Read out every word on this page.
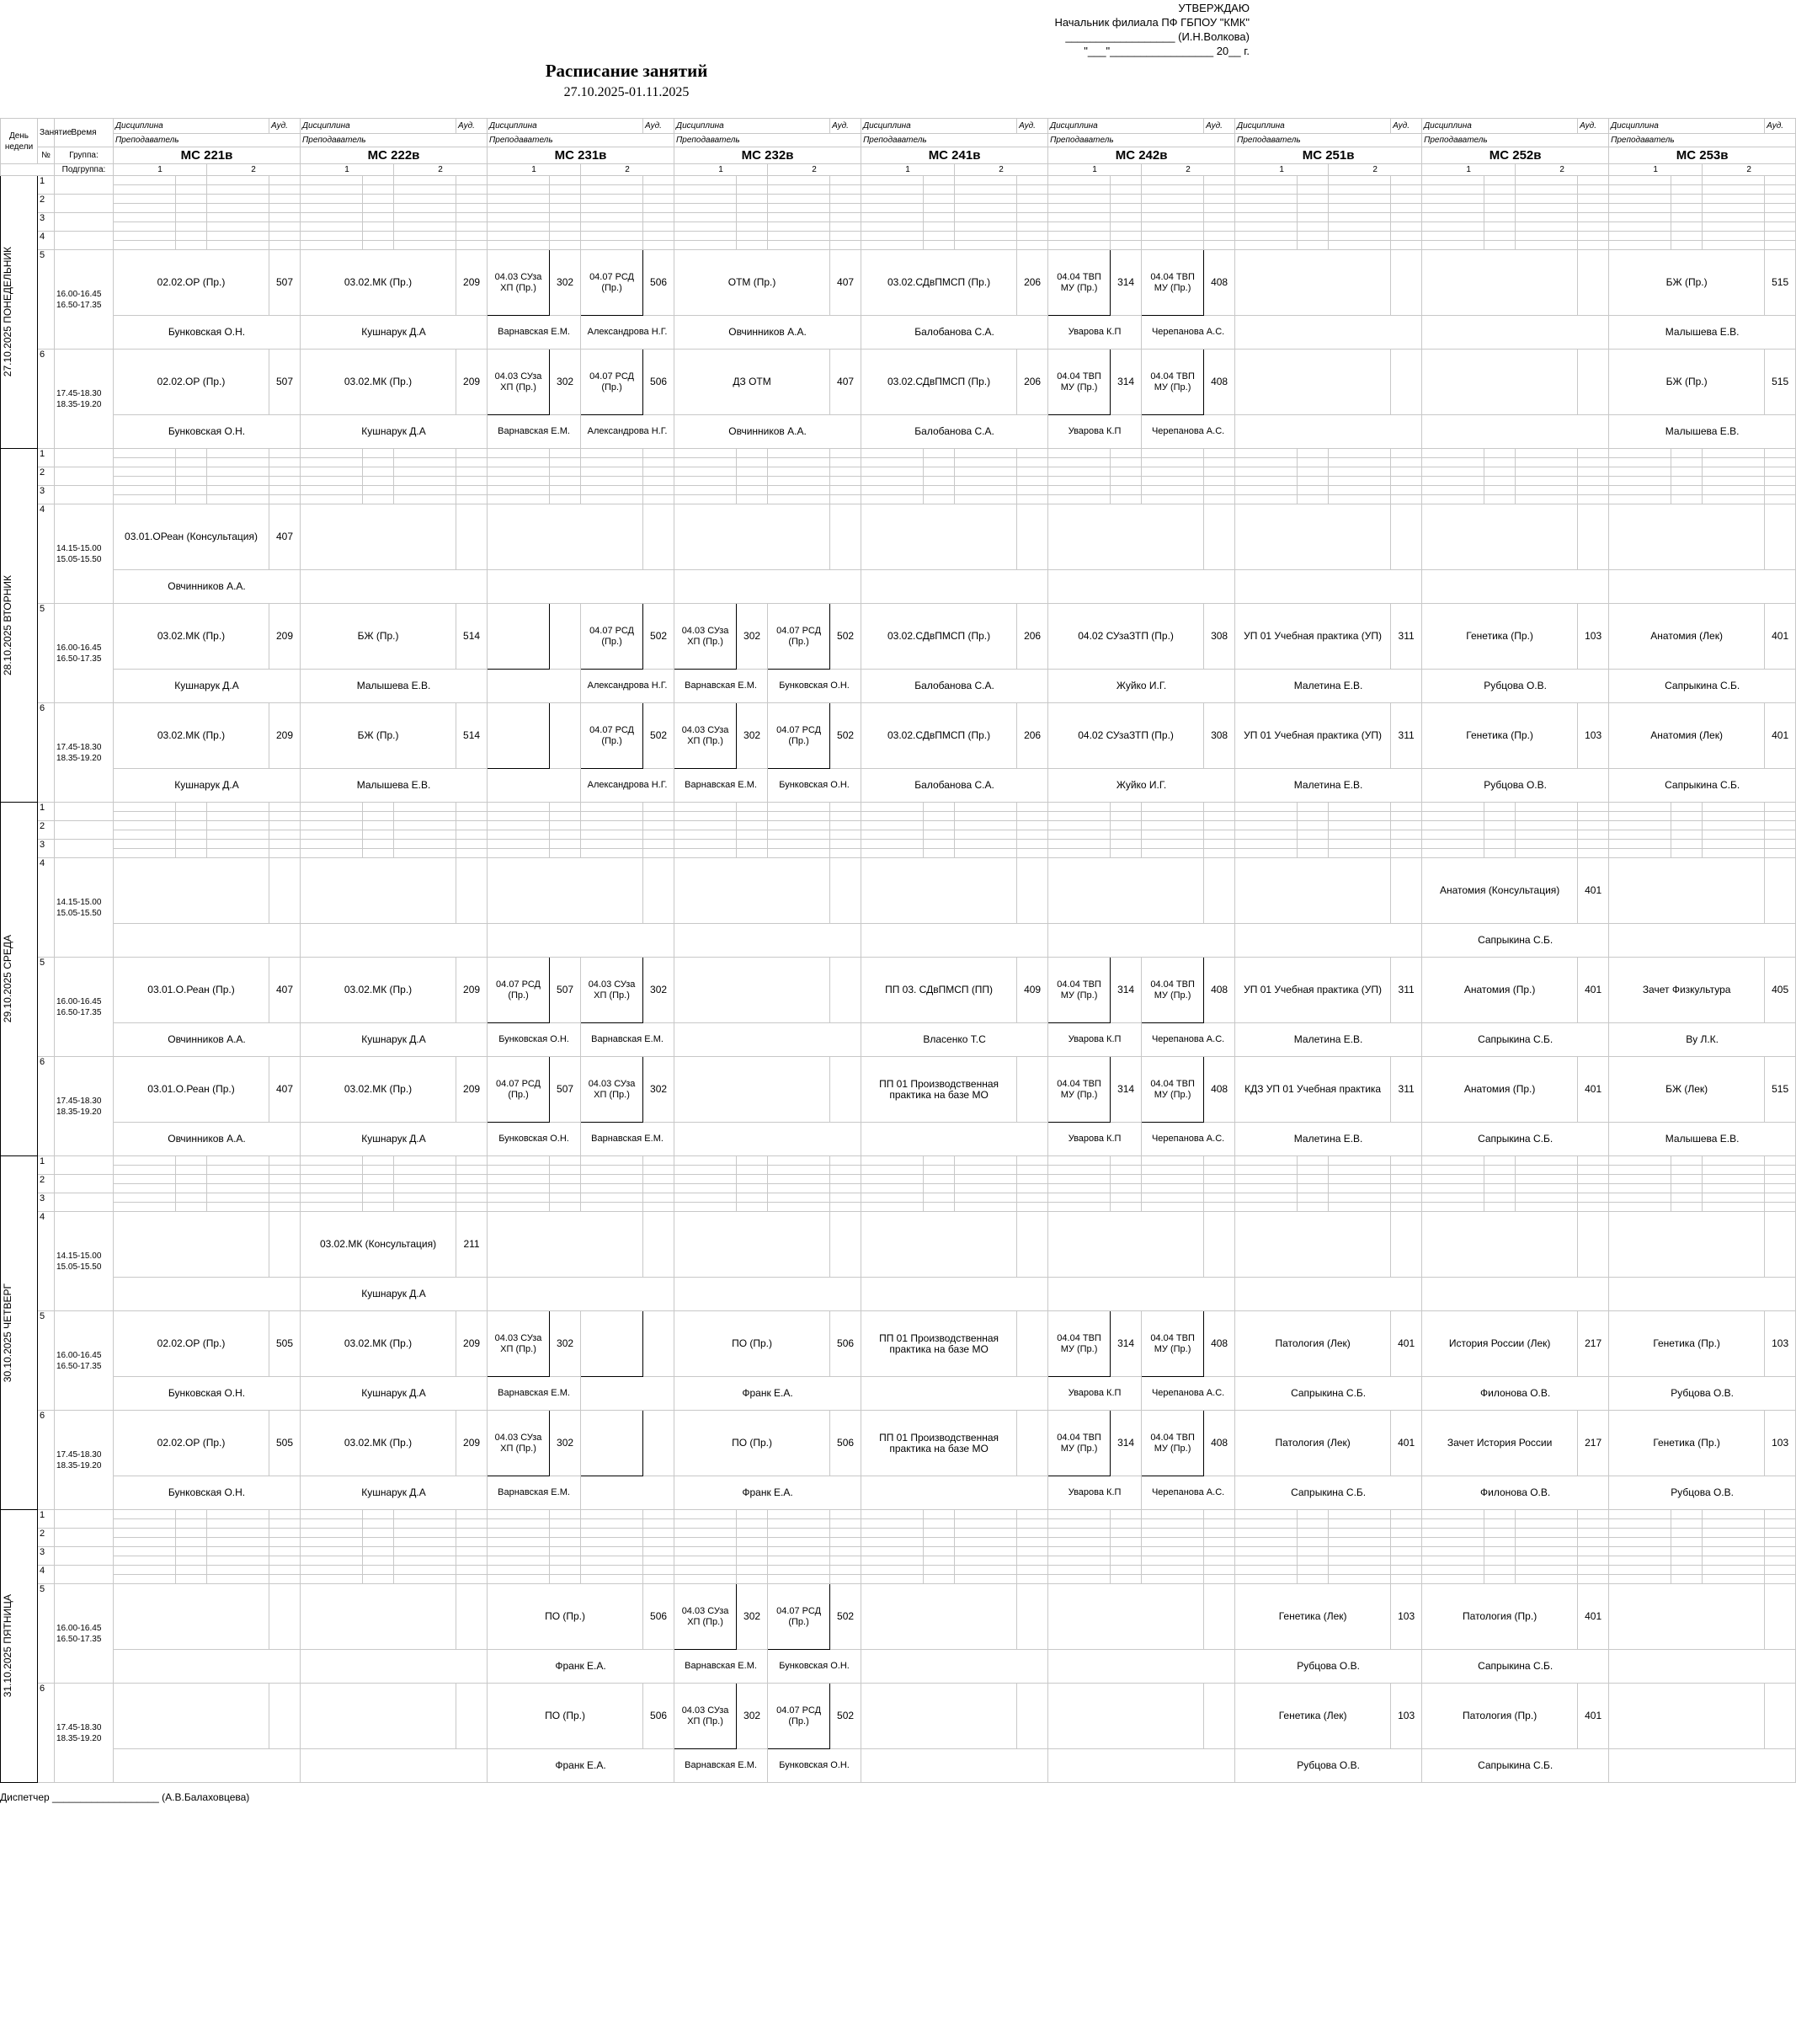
УТВЕРЖДАЮ
Начальник филиала ПФ ГБПОУ "КМК"
__________________ (И.Н.Волкова)
"___"_________________ 20__ г.
Расписание занятий
27.10.2025-01.11.2025
День недели	Занятие	Время	Дисциплина			Ауд.	Дисциплина			Ауд.	Дисциплина			Ауд.	Дисциплина			Ауд.	Дисциплина			Ауд.	Дисциплина			Ауд.	Дисциплина			Ауд.	Дисциплина			Ауд.	Дисциплина			Ауд.
			Преподаватель				Преподаватель				Преподаватель				Преподаватель				Преподаватель				Преподаватель				Преподаватель				Преподаватель				Преподаватель			
	№	Группа:	МС 221в				МС 222в				МС 231в				МС 232в				МС 241в				МС 242в				МС 251в				МС 252в				МС 253в			
		Подгруппа:	1		2		1		2		1		2		1		2		1		2		1		2		1		2		1		2		1		2	

27.10.2025 ПОНЕДЕЛЬНИК	1																																					

	2																																					

	3																																					

	4																																					

	5	16.00-16.45
16.50-17.35	02.02.ОР (Пр.)			507	03.02.МК (Пр.)			209	04.03 СУза ХП (Пр.)	302	04.07 РСД (Пр.)	506	ОТМ (Пр.)			407	03.02.СДвПМСП (Пр.)			206	04.04 ТВП МУ (Пр.)	314	04.04 ТВП МУ (Пр.)	408									БЖ (Пр.)			515
			Бунковская О.Н.				Кушнарук Д.А				Варнавская Е.М.		Александрова Н.Г.		Овчинников А.А.				Балобанова С.А.				Уварова К.П		Черепанова А.С.										Малышева Е.В.			
	6	17.45-18.30
18.35-19.20	02.02.ОР (Пр.)			507	03.02.МК (Пр.)			209	04.03 СУза ХП (Пр.)	302	04.07 РСД (Пр.)	506	ДЗ ОТМ			407	03.02.СДвПМСП (Пр.)			206	04.04 ТВП МУ (Пр.)	314	04.04 ТВП МУ (Пр.)	408									БЖ (Пр.)			515
			Бунковская О.Н.				Кушнарук Д.А				Варнавская Е.М.		Александрова Н.Г.		Овчинников А.А.				Балобанова С.А.				Уварова К.П		Черепанова А.С.										Малышева Е.В.			

28.10.2025 ВТОРНИК	1																																					

	2																																					

	3																																					

	4	14.15-15.00
15.05-15.50	03.01.ОРеан (Консультация)			407																																
			Овчинников А.А.																																			
	5	16.00-16.45
16.50-17.35	03.02.МК (Пр.)			209	БЖ (Пр.)			514			04.07 РСД (Пр.)	502	04.03 СУза ХП (Пр.)	302	04.07 РСД (Пр.)	502	03.02.СДвПМСП (Пр.)			206	04.02 СУзаЗТП (Пр.)			308	УП 01 Учебная практика (УП)			311	Генетика (Пр.)			103	Анатомия (Лек)			401
			Кушнарук Д.А				Малышева Е.В.						Александрова Н.Г.		Варнавская Е.М.		Бунковская О.Н.		Балобанова С.А.				Жуйко И.Г.				Малетина Е.В.				Рубцова О.В.				Сапрыкина С.Б.			
	6	17.45-18.30
18.35-19.20	03.02.МК (Пр.)			209	БЖ (Пр.)			514			04.07 РСД (Пр.)	502	04.03 СУза ХП (Пр.)	302	04.07 РСД (Пр.)	502	03.02.СДвПМСП (Пр.)			206	04.02 СУзаЗТП (Пр.)			308	УП 01 Учебная практика (УП)			311	Генетика (Пр.)			103	Анатомия (Лек)			401
			Кушнарук Д.А				Малышева Е.В.						Александрова Н.Г.		Варнавская Е.М.		Бунковская О.Н.		Балобанова С.А.				Жуйко И.Г.				Малетина Е.В.				Рубцова О.В.				Сапрыкина С.Б.			

29.10.2025 СРЕДА	1																																					

	2																																					

	3																																					

	4	14.15-15.00
15.05-15.50																													Анатомия (Консультация)			401				
																															Сапрыкина С.Б.							
	5	16.00-16.45
16.50-17.35	03.01.О.Реан (Пр.)			407	03.02.МК (Пр.)			209	04.07 РСД (Пр.)	507	04.03 СУза ХП (Пр.)	302					ПП 03. СДвПМСП (ПП)			409	04.04 ТВП МУ (Пр.)	314	04.04 ТВП МУ (Пр.)	408	УП 01 Учебная практика (УП)			311	Анатомия (Пр.)			401	Зачет Физкультура			405
			Овчинников А.А.				Кушнарук Д.А				Бунковская О.Н.		Варнавская Е.М.						Власенко Т.С				Уварова К.П		Черепанова А.С.		Малетина Е.В.				Сапрыкина С.Б.				Ву Л.К.			
	6	17.45-18.30
18.35-19.20	03.01.О.Реан (Пр.)			407	03.02.МК (Пр.)			209	04.07 РСД (Пр.)	507	04.03 СУза ХП (Пр.)	302					ПП 01 Производственная практика на базе МО				04.04 ТВП МУ (Пр.)	314	04.04 ТВП МУ (Пр.)	408	КДЗ УП 01 Учебная практика			311	Анатомия (Пр.)			401	БЖ (Лек)			515
			Овчинников А.А.				Кушнарук Д.А				Бунковская О.Н.		Варнавская Е.М.										Уварова К.П		Черепанова А.С.		Малетина Е.В.				Сапрыкина С.Б.				Малышева Е.В.			

30.10.2025 ЧЕТВЕРГ	1																																					

	2																																					

	3																																					

	4	14.15-15.00
15.05-15.50					03.02.МК (Консультация)			211																												
							Кушнарук Д.А																															
	5	16.00-16.45
16.50-17.35	02.02.ОР (Пр.)			505	03.02.МК (Пр.)			209	04.03 СУза ХП (Пр.)	302			ПО (Пр.)			506	ПП 01 Производственная практика на базе МО				04.04 ТВП МУ (Пр.)	314	04.04 ТВП МУ (Пр.)	408	Патология (Лек)			401	История России (Лек)			217	Генетика (Пр.)			103
			Бунковская О.Н.				Кушнарук Д.А				Варнавская Е.М.				Франк Е.А.								Уварова К.П		Черепанова А.С.		Сапрыкина С.Б.				Филонова О.В.				Рубцова О.В.			
	6	17.45-18.30
18.35-19.20	02.02.ОР (Пр.)			505	03.02.МК (Пр.)			209	04.03 СУза ХП (Пр.)	302			ПО (Пр.)			506	ПП 01 Производственная практика на базе МО				04.04 ТВП МУ (Пр.)	314	04.04 ТВП МУ (Пр.)	408	Патология (Лек)			401	Зачет История России			217	Генетика (Пр.)			103
			Бунковская О.Н.				Кушнарук Д.А				Варнавская Е.М.				Франк Е.А.								Уварова К.П		Черепанова А.С.		Сапрыкина С.Б.				Филонова О.В.				Рубцова О.В.			

31.10.2025 ПЯТНИЦА	1																																					

	2																																					

	3																																					

	4																																					

	5	16.00-16.45
16.50-17.35									ПО (Пр.)			506	04.03 СУза ХП (Пр.)	302	04.07 РСД (Пр.)	502									Генетика (Лек)			103	Патология (Пр.)			401				
											Франк Е.А.				Варнавская Е.М.		Бунковская О.Н.										Рубцова О.В.				Сапрыкина С.Б.							
	6	17.45-18.30
18.35-19.20									ПО (Пр.)			506	04.03 СУза ХП (Пр.)	302	04.07 РСД (Пр.)	502									Генетика (Лек)			103	Патология (Пр.)			401				
											Франк Е.А.				Варнавская Е.М.		Бунковская О.Н.										Рубцова О.В.				Сапрыкина С.Б.							
Диспетчер ___________________ (А.В.Балаховцева)
